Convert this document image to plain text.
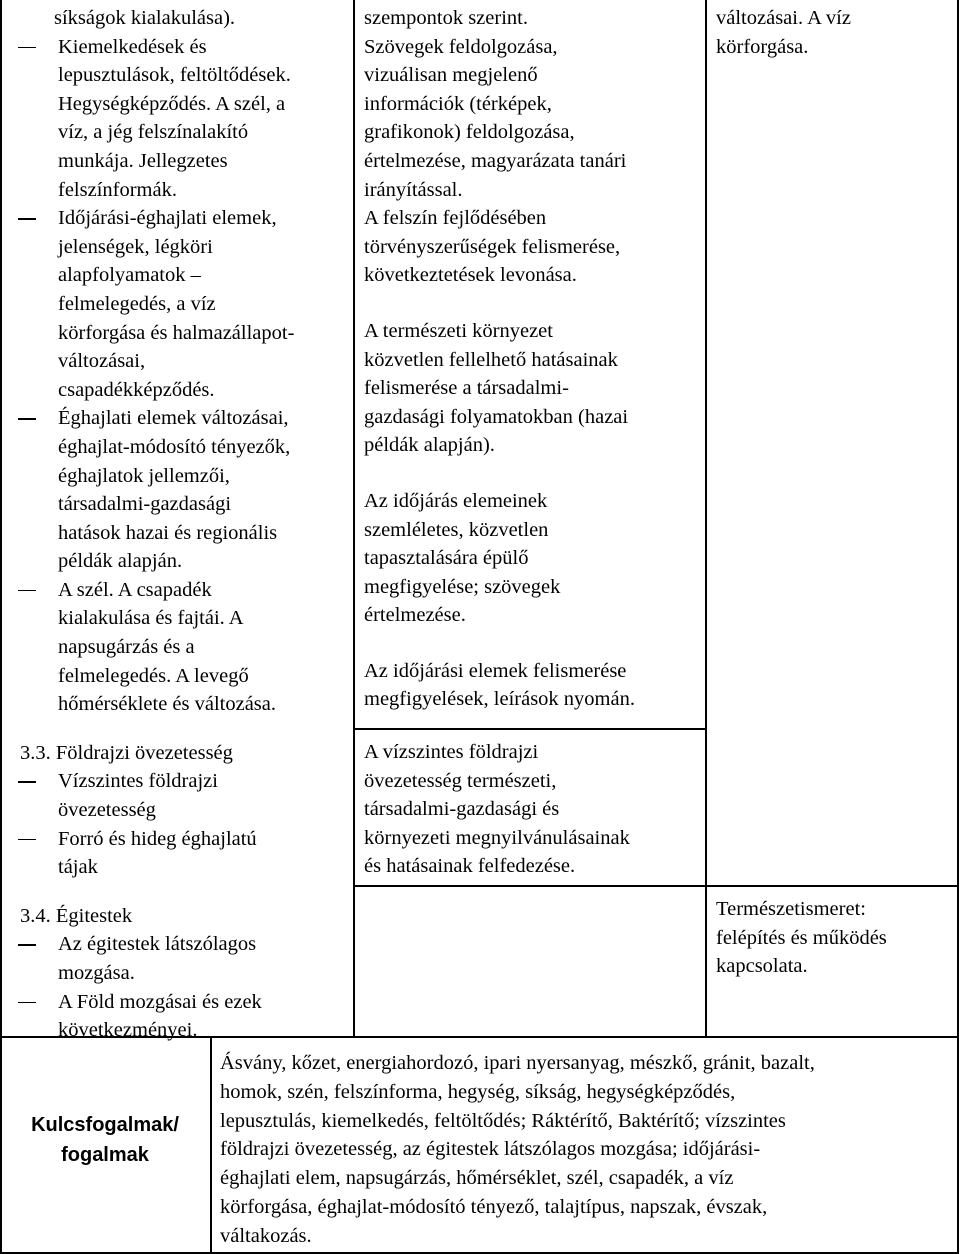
síkságok kialakulása).
Kiemelkedések és
lepusztulások, feltöltődések.
Hegységképződés. A szél, a
víz, a jég felszínalakító
munkája. Jellegzetes
felszínformák.
Időjárási-éghajlati elemek,
jelenségek, légköri
alapfolyamatok –
felmelegedés, a víz
körforgása és halmazállapot-
változásai,
csapadékképződés.
Éghajlati elemek változásai,
éghajlat-módosító tényezők,
éghajlatok jellemzői,
társadalmi-gazdasági
hatások hazai és regionális
példák alapján.
A szél. A csapadék
kialakulása és fajtái. A
napsugárzás és a
felmelegedés. A levegő
hőmérséklete és változása.
3.3. Földrajzi övezetesség
Vízszintes földrajzi
övezetesség
Forró és hideg éghajlatú
tájak
3.4. Égitestek
Az égitestek látszólagos
mozgása.
A Föld mozgásai és ezek
következményei.
szempontok szerint.
Szövegek feldolgozása,
vizuálisan megjelenő
információk (térképek,
grafikonok) feldolgozása,
értelmezése, magyarázata tanári
irányítással.
A felszín fejlődésében
törvényszerűségek felismerése,
következtetések levonása.
A természeti környezet
közvetlen fellelhető hatásainak
felismerése a társadalmi-
gazdasági folyamatokban (hazai
példák alapján).
Az időjárás elemeinek
szemléletes, közvetlen
tapasztalására épülő
megfigyelése; szövegek
értelmezése.
Az időjárási elemek felismerése
megfigyelések, leírások nyomán.
A vízszintes földrajzi
övezetesség természeti,
társadalmi-gazdasági és
környezeti megnyilvánulásainak
és hatásainak felfedezése.
változásai. A víz
körforgása.
Természetismeret:
felépítés és működés
kapcsolata.
Kulcsfogalmak/
fogalmak
Ásvány, kőzet, energiahordozó, ipari nyersanyag, mészkő, gránit, bazalt,
homok, szén, felszínforma, hegység, síkság, hegységképződés,
lepusztulás, kiemelkedés, feltöltődés; Ráktérítő, Baktérítő; vízszintes
földrajzi övezetesség, az égitestek látszólagos mozgása; időjárási-
éghajlati elem, napsugárzás, hőmérséklet, szél, csapadék, a víz
körforgása, éghajlat-módosító tényező, talajtípus, napszak, évszak,
váltakozás.
